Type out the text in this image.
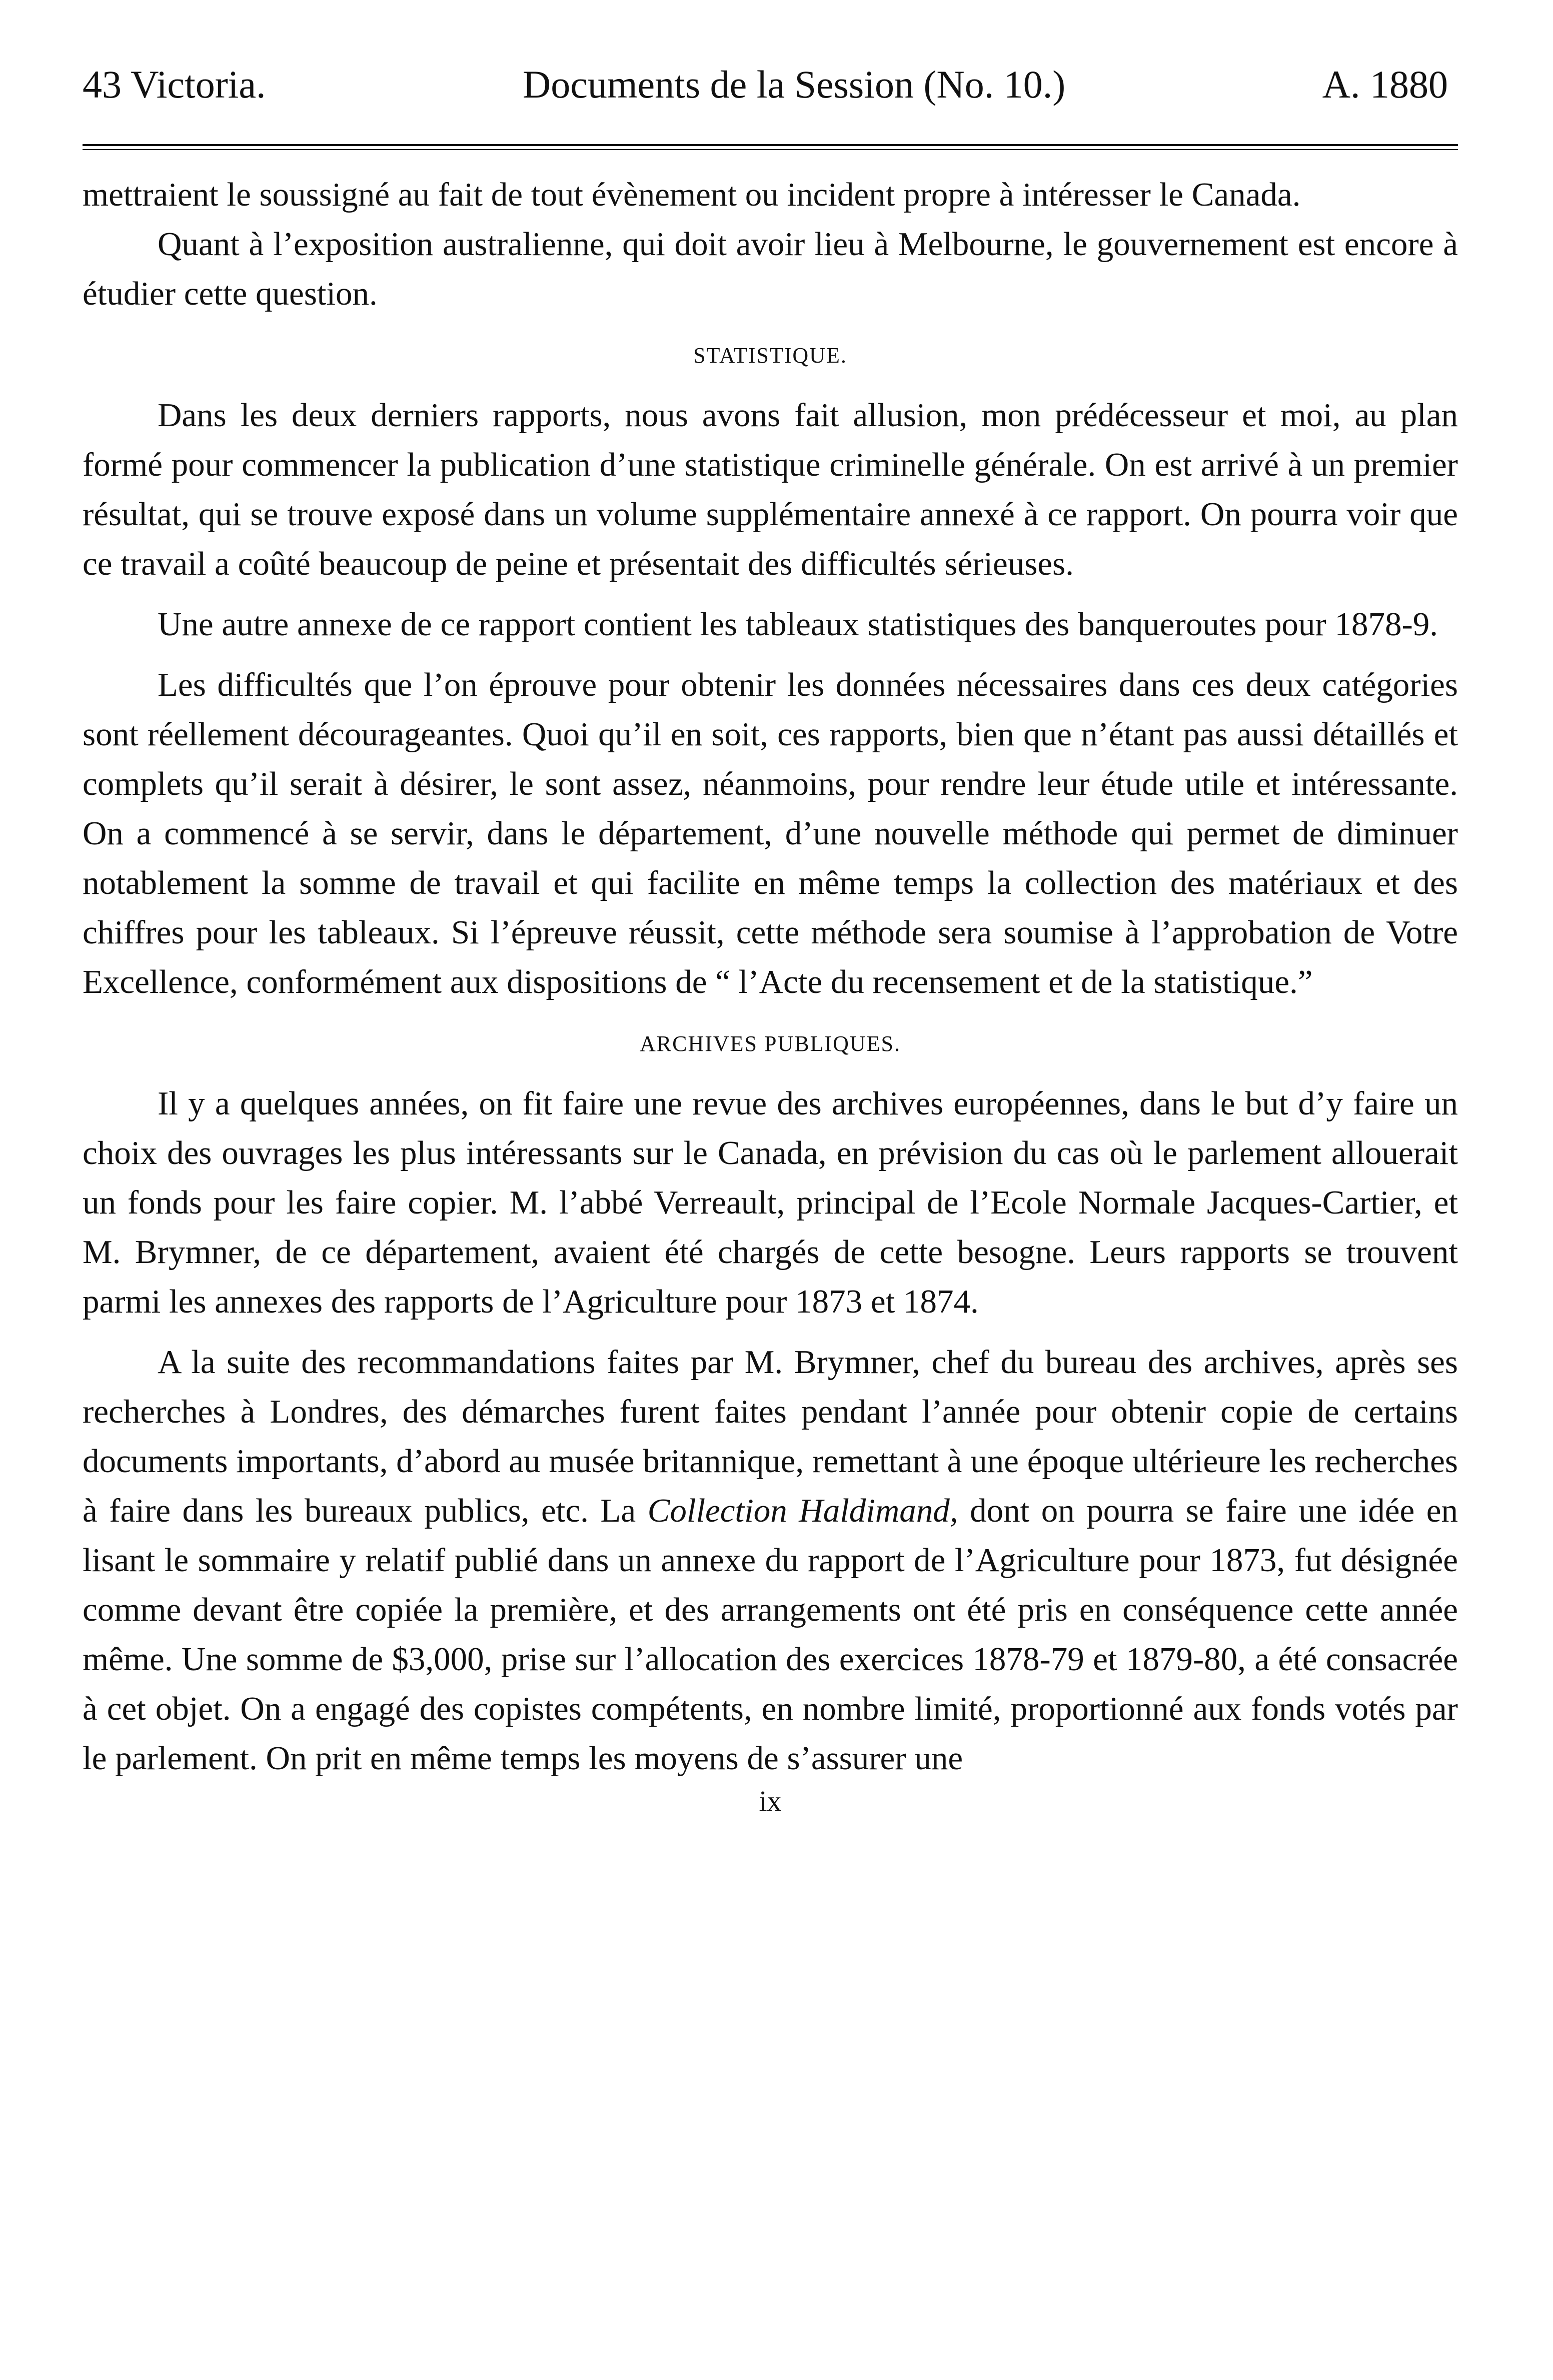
43 Victoria.	Documents de la Session (No. 10.)	A. 1880

mettraient le soussigné au fait de tout évènement ou incident propre à intéresser le Canada.

Quant à l’exposition australienne, qui doit avoir lieu à Melbourne, le gouvernement est encore à étudier cette question.

STATISTIQUE.

Dans les deux derniers rapports, nous avons fait allusion, mon prédécesseur et moi, au plan formé pour commencer la publication d’une statistique criminelle générale. On est arrivé à un premier résultat, qui se trouve exposé dans un volume supplémentaire annexé à ce rapport. On pourra voir que ce travail a coûté beaucoup de peine et présentait des difficultés sérieuses.

Une autre annexe de ce rapport contient les tableaux statistiques des banqueroutes pour 1878-9.

Les difficultés que l’on éprouve pour obtenir les données nécessaires dans ces deux catégories sont réellement décourageantes. Quoi qu’il en soit, ces rapports, bien que n’étant pas aussi détaillés et complets qu’il serait à désirer, le sont assez, néanmoins, pour rendre leur étude utile et intéressante. On a commencé à se servir, dans le département, d’une nouvelle méthode qui permet de diminuer notablement la somme de travail et qui facilite en même temps la collection des matériaux et des chiffres pour les tableaux. Si l’épreuve réussit, cette méthode sera soumise à l’approbation de Votre Excellence, conformément aux dispositions de “ l’Acte du recensement et de la statistique.”

ARCHIVES PUBLIQUES.

Il y a quelques années, on fit faire une revue des archives européennes, dans le but d’y faire un choix des ouvrages les plus intéressants sur le Canada, en prévision du cas où le parlement allouerait un fonds pour les faire copier. M. l’abbé Verreault, principal de l’Ecole Normale Jacques-Cartier, et M. Brymner, de ce département, avaient été chargés de cette besogne. Leurs rapports se trouvent parmi les annexes des rapports de l’Agriculture pour 1873 et 1874.

A la suite des recommandations faites par M. Brymner, chef du bureau des archives, après ses recherches à Londres, des démarches furent faites pendant l’année pour obtenir copie de certains documents importants, d’abord au musée britannique, remettant à une époque ultérieure les recherches à faire dans les bureaux publics, etc. La Collection Haldimand, dont on pourra se faire une idée en lisant le sommaire y relatif publié dans un annexe du rapport de l’Agriculture pour 1873, fut désignée comme devant être copiée la première, et des arrangements ont été pris en conséquence cette année même. Une somme de $3,000, prise sur l’allocation des exercices 1878-79 et 1879-80, a été consacrée à cet objet. On a engagé des copistes compétents, en nombre limité, proportionné aux fonds votés par le parlement. On prit en même temps les moyens de s’assurer une

ix
